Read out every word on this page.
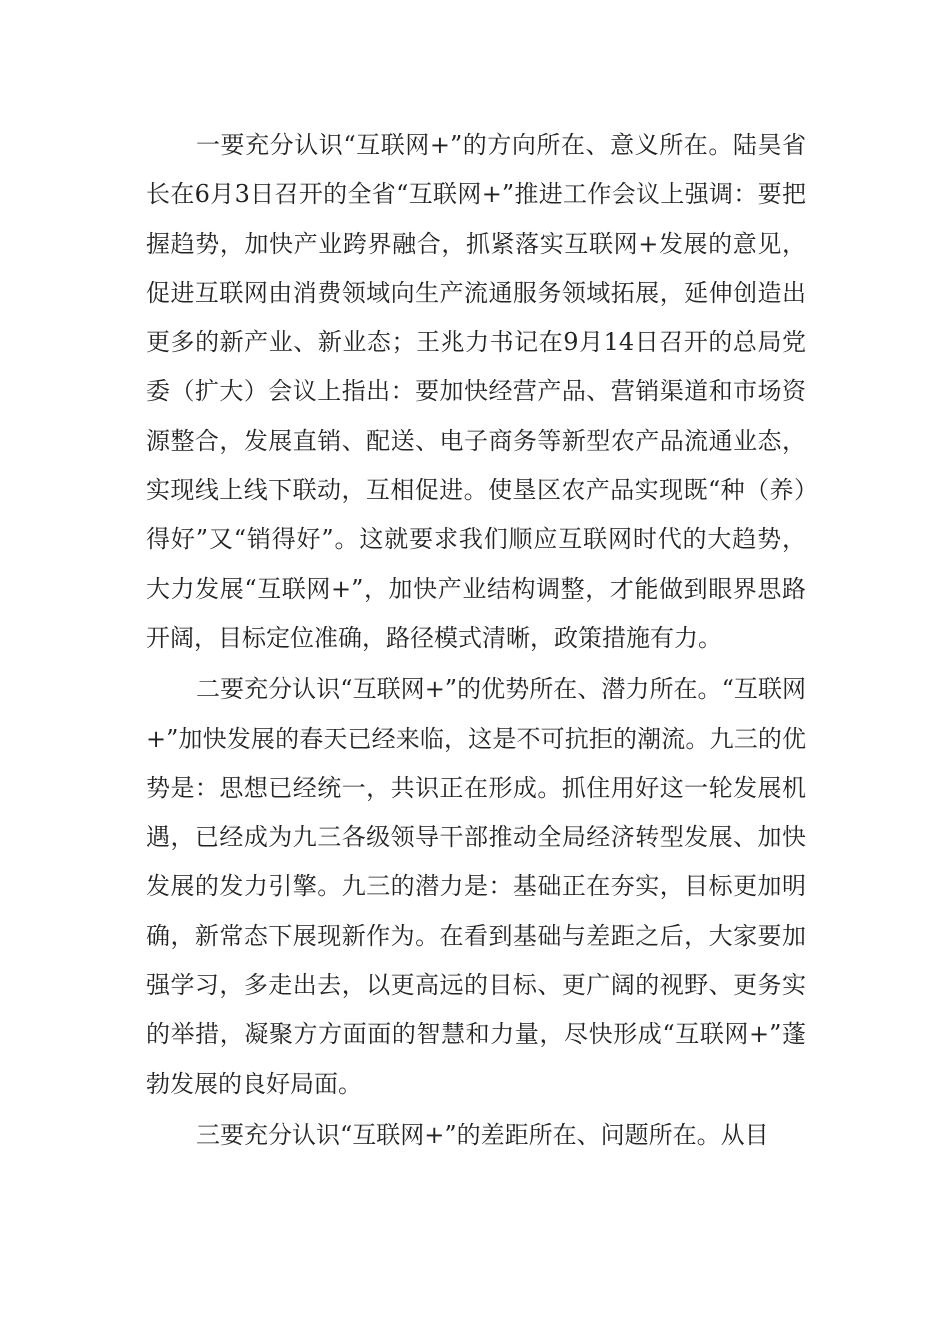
一要充分认识“互联网+”的方向所在、意义所在。陆昊省长在6月3日召开的全省“互联网+”推进工作会议上强调：要把握趋势，加快产业跨界融合，抓紧落实互联网+发展的意见，促进互联网由消费领域向生产流通服务领域拓展，延伸创造出更多的新产业、新业态；王兆力书记在9月14日召开的总局党委（扩大）会议上指出：要加快经营产品、营销渠道和市场资源整合，发展直销、配送、电子商务等新型农产品流通业态，实现线上线下联动，互相促进。使垦区农产品实现既“种（养）得好”又“销得好”。这就要求我们顺应互联网时代的大趋势，大力发展“互联网+”，加快产业结构调整，才能做到眼界思路开阔，目标定位准确，路径模式清晰，政策措施有力。

二要充分认识“互联网+”的优势所在、潜力所在。“互联网+”加快发展的春天已经来临，这是不可抗拒的潮流。九三的优势是：思想已经统一，共识正在形成。抓住用好这一轮发展机遇，已经成为九三各级领导干部推动全局经济转型发展、加快发展的发力引擎。九三的潜力是：基础正在夯实，目标更加明确，新常态下展现新作为。在看到基础与差距之后，大家要加强学习，多走出去，以更高远的目标、更广阔的视野、更务实的举措，凝聚方方面面的智慧和力量，尽快形成“互联网+”蓬勃发展的良好局面。

三要充分认识“互联网+”的差距所在、问题所在。从目
